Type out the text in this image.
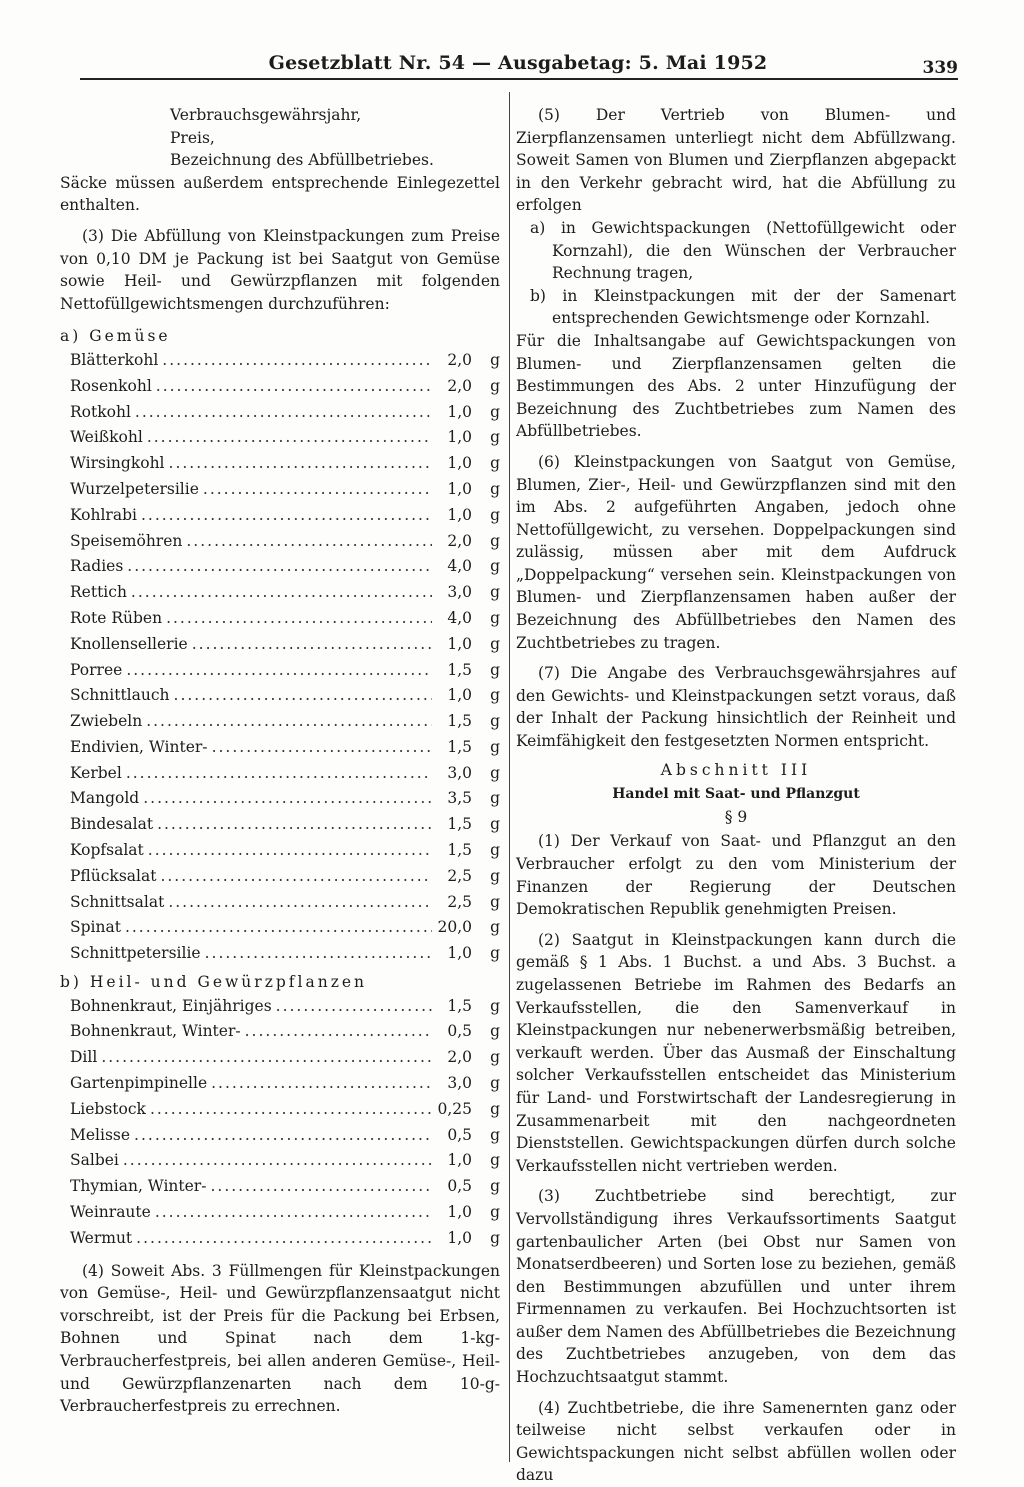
Gesetzblatt Nr. 54 — Ausgabetag: 5. Mai 1952	339

Verbrauchsgewährsjahr,

Preis,

Bezeichnung des Abfüllbetriebes.

Säcke müssen außerdem entsprechende Einlegezettel enthalten.

(3) Die Abfüllung von Kleinstpackungen zum Preise von 0,10 DM je Packung ist bei Saatgut von Gemüse sowie Heil- und Gewürzpflanzen mit folgenden Nettofüllgewichtsmengen durchzuführen:

a) Gemüse

Blätterkohl .....	2,0	g
Rosenkohl .....	2,0	g
Rotkohl .....	1,0	g
Weißkohl .....	1,0	g
Wirsingkohl .....	1,0	g
Wurzelpetersilie .....	1,0	g
Kohlrabi .....	1,0	g
Speisemöhren .....	2,0	g
Radies .....	4,0	g
Rettich .....	3,0	g
Rote Rüben .....	4,0	g
Knollensellerie .....	1,0	g
Porree .....	1,5	g
Schnittlauch .....	1,0	g
Zwiebeln .....	1,5	g
Endivien, Winter- .....	1,5	g
Kerbel .....	3,0	g
Mangold .....	3,5	g
Bindesalat .....	1,5	g
Kopfsalat .....	1,5	g
Pflücksalat .....	2,5	g
Schnittsalat .....	2,5	g
Spinat .....	20,0	g
Schnittpetersilie .....	1,0	g

b) Heil- und Gewürzpflanzen

Bohnenkraut, Einjähriges .....	1,5	g
Bohnenkraut, Winter- .....	0,5	g
Dill .....	2,0	g
Gartenpimpinelle .....	3,0	g
Liebstock .....	0,25	g
Melisse .....	0,5	g
Salbei .....	1,0	g
Thymian, Winter- .....	0,5	g
Weinraute .....	1,0	g
Wermut .....	1,0	g

(4) Soweit Abs. 3 Füllmengen für Kleinstpackungen von Gemüse-, Heil- und Gewürzpflanzensaatgut nicht vorschreibt, ist der Preis für die Packung bei Erbsen, Bohnen und Spinat nach dem 1-kg-Verbraucherfestpreis, bei allen anderen Gemüse-, Heil- und Gewürzpflanzenarten nach dem 10-g-Verbraucherfestpreis zu errechnen.

(5) Der Vertrieb von Blumen- und Zierpflanzensamen unterliegt nicht dem Abfüllzwang. Soweit Samen von Blumen und Zierpflanzen abgepackt in den Verkehr gebracht wird, hat die Abfüllung zu erfolgen

a) in Gewichtspackungen (Nettofüllgewicht oder Kornzahl), die den Wünschen der Verbraucher Rechnung tragen,

b) in Kleinstpackungen mit der der Samenart entsprechenden Gewichtsmenge oder Kornzahl.

Für die Inhaltsangabe auf Gewichtspackungen von Blumen- und Zierpflanzensamen gelten die Bestimmungen des Abs. 2 unter Hinzufügung der Bezeichnung des Zuchtbetriebes zum Namen des Abfüllbetriebes.

(6) Kleinstpackungen von Saatgut von Gemüse, Blumen, Zier-, Heil- und Gewürzpflanzen sind mit den im Abs. 2 aufgeführten Angaben, jedoch ohne Nettofüllgewicht, zu versehen. Doppelpackungen sind zulässig, müssen aber mit dem Aufdruck „Doppelpackung“ versehen sein. Kleinstpackungen von Blumen- und Zierpflanzensamen haben außer der Bezeichnung des Abfüllbetriebes den Namen des Zuchtbetriebes zu tragen.

(7) Die Angabe des Verbrauchsgewährsjahres auf den Gewichts- und Kleinstpackungen setzt voraus, daß der Inhalt der Packung hinsichtlich der Reinheit und Keimfähigkeit den festgesetzten Normen entspricht.

Abschnitt III

Handel mit Saat- und Pflanzgut

§ 9

(1) Der Verkauf von Saat- und Pflanzgut an den Verbraucher erfolgt zu den vom Ministerium der Finanzen der Regierung der Deutschen Demokratischen Republik genehmigten Preisen.

(2) Saatgut in Kleinstpackungen kann durch die gemäß § 1 Abs. 1 Buchst. a und Abs. 3 Buchst. a zugelassenen Betriebe im Rahmen des Bedarfs an Verkaufsstellen, die den Samenverkauf in Kleinstpackungen nur nebenerwerbsmäßig betreiben, verkauft werden. Über das Ausmaß der Einschaltung solcher Verkaufsstellen entscheidet das Ministerium für Land- und Forstwirtschaft der Landesregierung in Zusammenarbeit mit den nachgeordneten Dienststellen. Gewichtspackungen dürfen durch solche Verkaufsstellen nicht vertrieben werden.

(3) Zuchtbetriebe sind berechtigt, zur Vervollständigung ihres Verkaufssortiments Saatgut gartenbaulicher Arten (bei Obst nur Samen von Monatserdbeeren) und Sorten lose zu beziehen, gemäß den Bestimmungen abzufüllen und unter ihrem Firmennamen zu verkaufen. Bei Hochzuchtsorten ist außer dem Namen des Abfüllbetriebes die Bezeichnung des Zuchtbetriebes anzugeben, von dem das Hochzuchtsaatgut stammt.

(4) Zuchtbetriebe, die ihre Samenernten ganz oder teilweise nicht selbst verkaufen oder in Gewichtspackungen nicht selbst abfüllen wollen oder dazu
